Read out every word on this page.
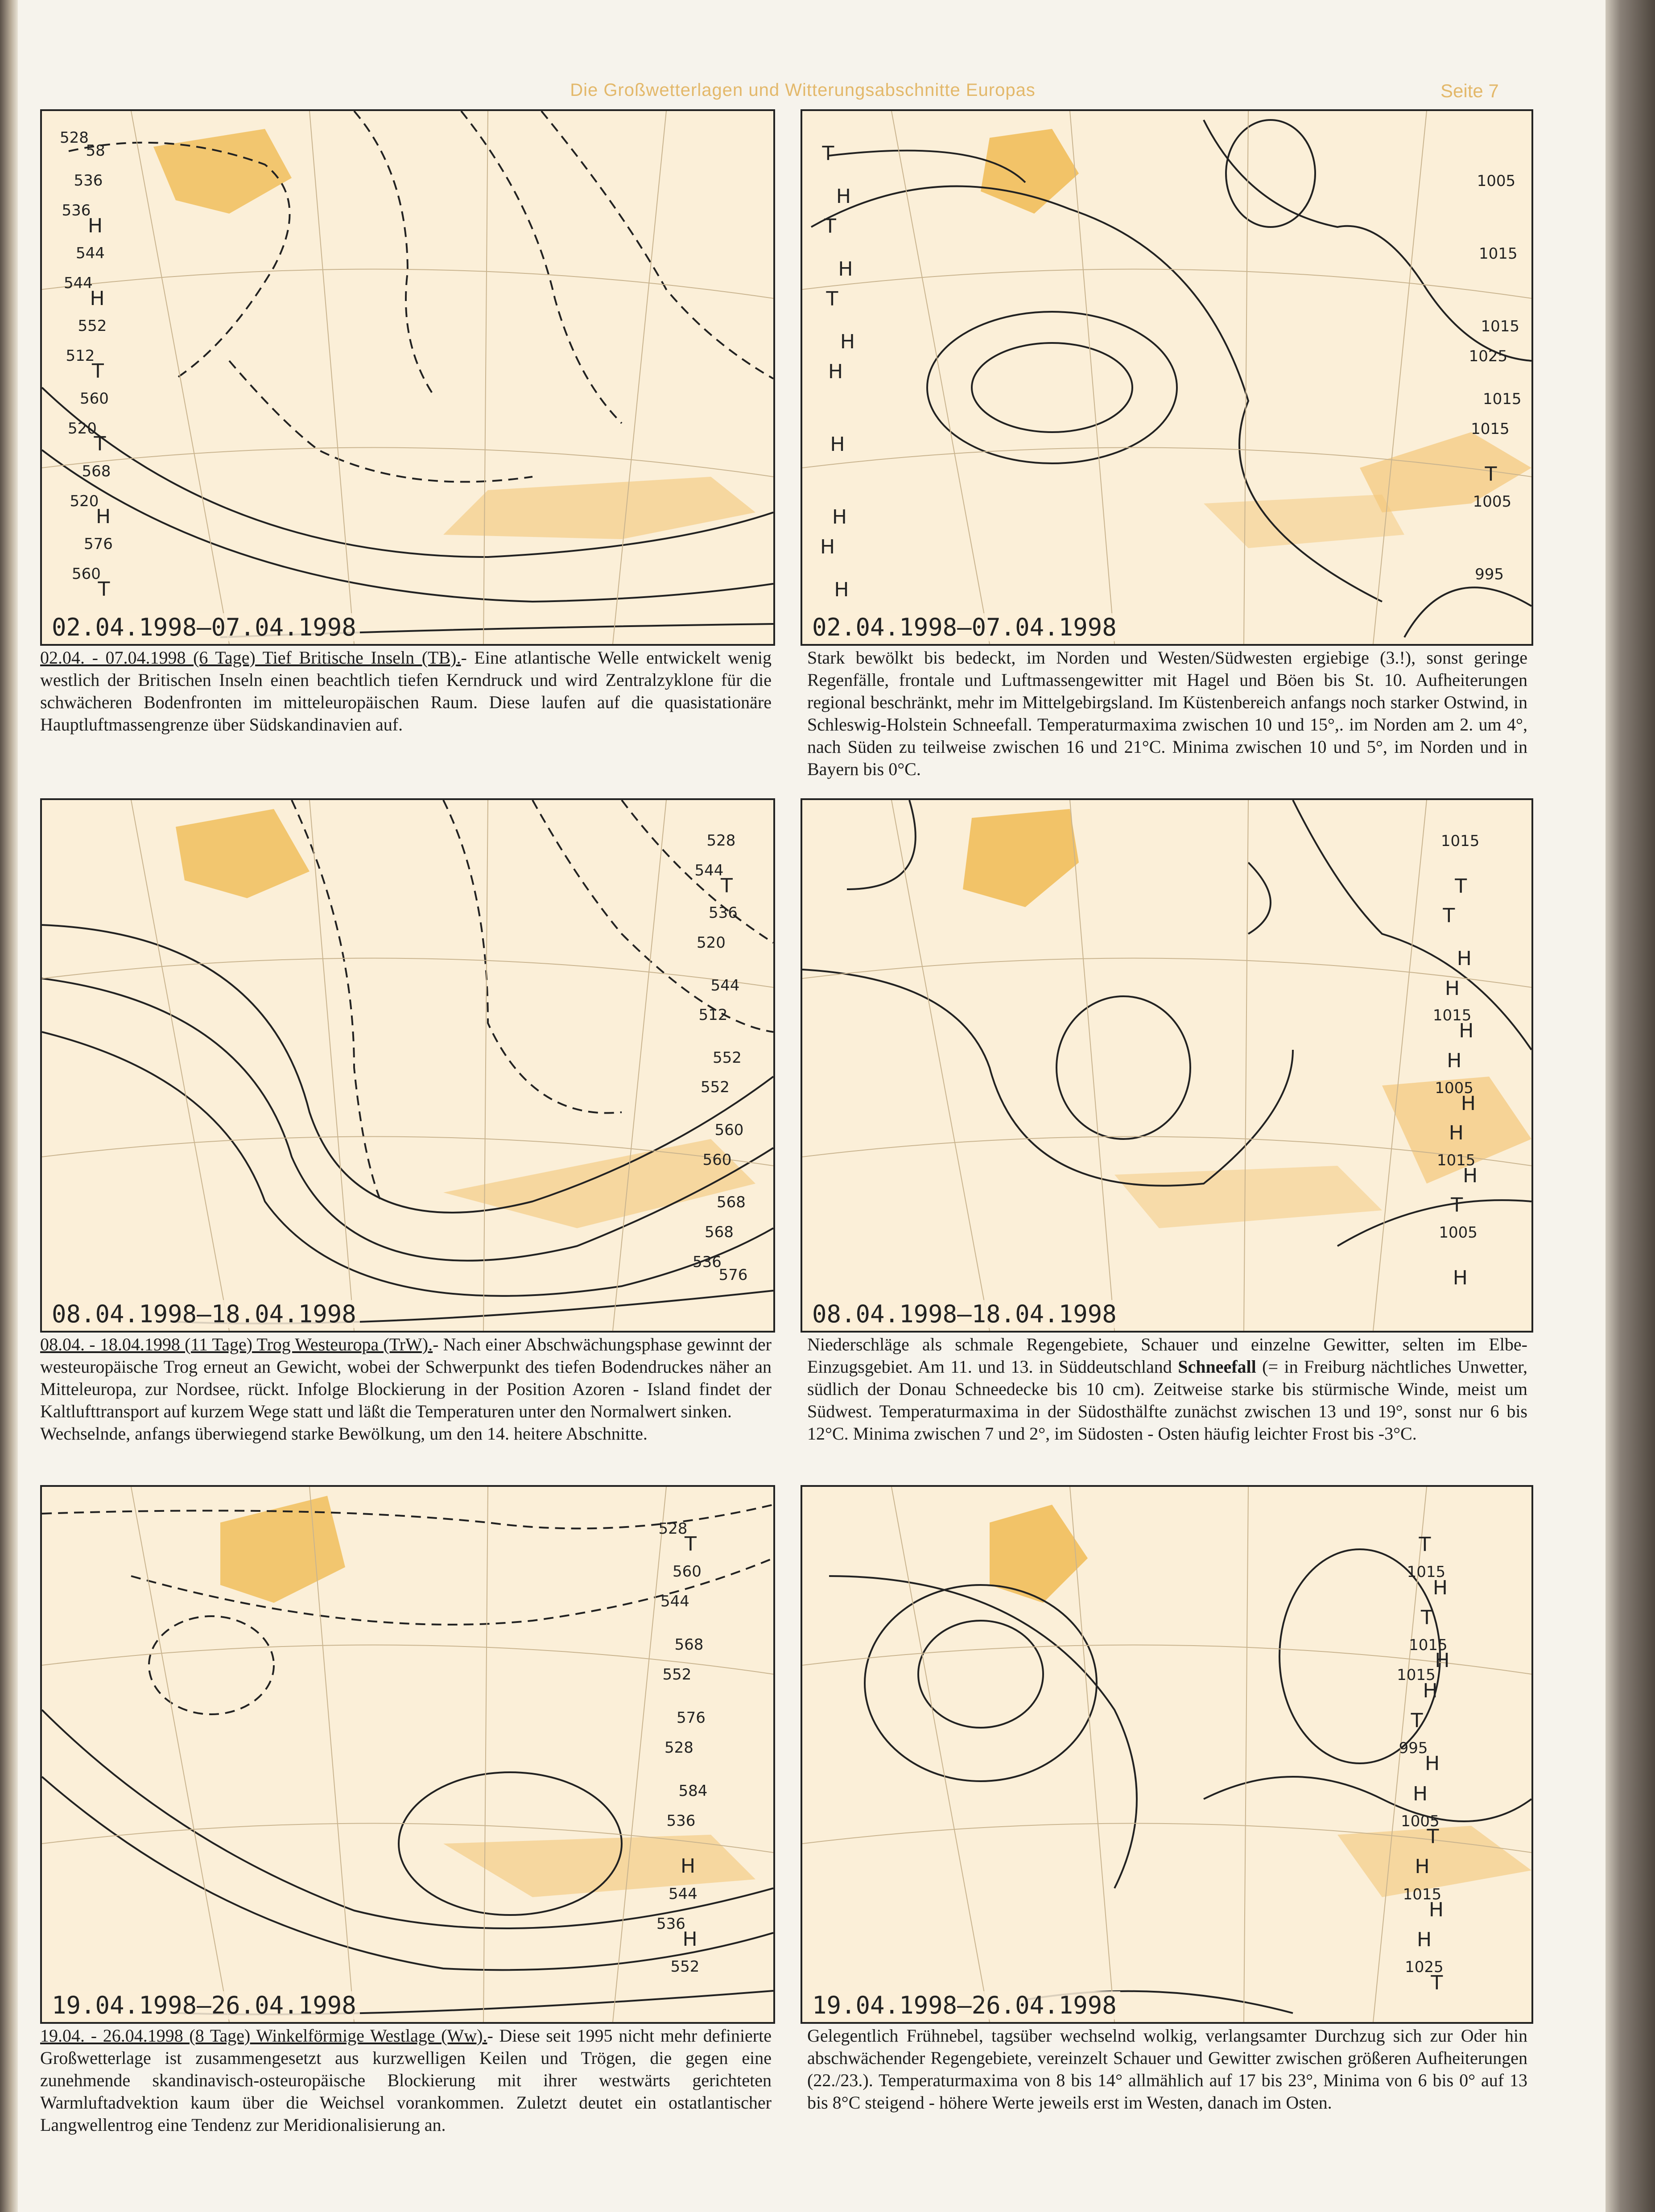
Die Großwetterlagen und Witterungsabschnitte Europas	Seite 7
02.04.1998–07.04.1998
528
536
544
512
520
520
560
536
544
552
560
568
576
58
H
H
T
T
H
T
02.04.1998–07.04.1998
1025
1015
1005
995
1005
1015
1015
1015
T
H
T
T
T
H
H
H
H
H
H
H
02.04. - 07.04.1998 (6 Tage) Tief Britische Inseln (TB).- Eine atlantische Welle entwickelt wenig westlich der Britischen Inseln einen beachtlich tiefen Kerndruck und wird Zentralzyklone für die schwächeren Bodenfronten im mitteleuropäischen Raum. Diese laufen auf die quasistationäre Hauptluftmassengrenze über Südskandinavien auf.
Stark bewölkt bis bedeckt, im Norden und Westen/Südwesten ergiebige (3.!), sonst geringe Regenfälle, frontale und Luftmassengewitter mit Hagel und Böen bis St. 10. Aufheiterungen regional beschränkt, mehr im Mittelgebirgsland. Im Küstenbereich anfangs noch starker Ostwind, in Schleswig-Holstein Schneefall. Temperaturmaxima zwischen 10 und 15°,. im Norden am 2. um 4°, nach Süden zu teilweise zwischen 16 und 21°C. Minima zwischen 10 und 5°, im Norden und in Bayern bis 0°C.
08.04.1998–18.04.1998
536
544
520
512
552
560
568
528
536
544
552
560
568
576
T
08.04.1998–18.04.1998
1015
1005
1015
1005
1015
T
H
H
H
T
H
T
H
H
H
H
08.04. - 18.04.1998 (11 Tage) Trog Westeuropa (TrW).- Nach einer Abschwächungsphase gewinnt der westeuropäische Trog erneut an Gewicht, wobei der Schwerpunkt des tiefen Bodendruckes näher an Mitteleuropa, zur Nordsee, rückt. Infolge Blockierung in der Position Azoren - Island findet der Kaltlufttransport auf kurzem Wege statt und läßt die Temperaturen unter den Normalwert sinken.
Wechselnde, anfangs überwiegend starke Bewölkung, um den 14. heitere Abschnitte.
Niederschläge als schmale Regengebiete, Schauer und einzelne Gewitter, selten im Elbe-Einzugsgebiet. Am 11. und 13. in Süddeutschland Schneefall (= in Freiburg nächtliches Unwetter, südlich der Donau Schneedecke bis 10 cm). Zeitweise starke bis stürmische Winde, meist um Südwest. Temperaturmaxima in der Südosthälfte zunächst zwischen 13 und 19°, sonst nur 6 bis 12°C. Minima zwischen 7 und 2°, im Südosten - Osten häufig leichter Frost bis -3°C.
19.04.1998–26.04.1998
536
528
544
552
528
536
544
552
560
568
576
584
H
H
T
19.04.1998–26.04.1998
1015
995
1005
1015
1025
1015
1015
T
H
H
H
T
T
H
H
T
H
T
H
H
19.04. - 26.04.1998 (8 Tage) Winkelförmige Westlage (Ww).- Diese seit 1995 nicht mehr definierte Großwetterlage ist zusammengesetzt aus kurzwelligen Keilen und Trögen, die gegen eine zunehmende skandinavisch-osteuropäische Blockierung mit ihrer westwärts gerichteten Warmluftadvektion kaum über die Weichsel vorankommen. Zuletzt deutet ein ostatlantischer Langwellentrog eine Tendenz zur Meridionalisierung an.
Gelegentlich Frühnebel, tagsüber wechselnd wolkig, verlangsamter Durchzug sich zur Oder hin abschwächender Regengebiete, vereinzelt Schauer und Gewitter zwischen größeren Aufheiterungen (22./23.). Temperaturmaxima von 8 bis 14° allmählich auf 17 bis 23°, Minima von 6 bis 0° auf 13 bis 8°C steigend - höhere Werte jeweils erst im Westen, danach im Osten.
